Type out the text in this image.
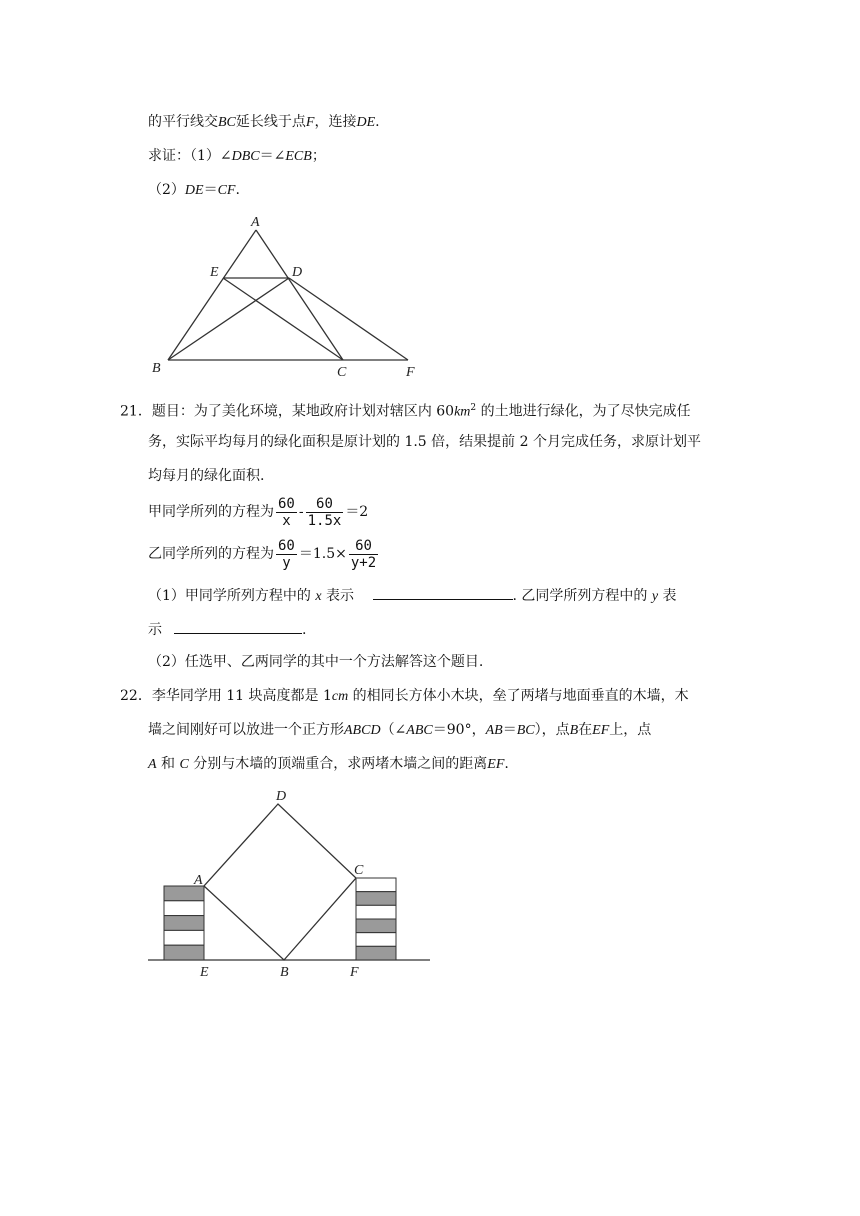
的平行线交BC延长线于点F，连接DE.
求证：（1）∠DBC＝∠ECB；
（2）DE＝CF.
A
E	D
B	C	F
21．题目：为了美化环境，某地政府计划对辖区内 $60km^2$ 的土地进行绿化，为了尽快完成任
务，实际平均每月的绿化面积是原计划的 1.5 倍，结果提前 2 个月完成任务，求原计划平
均每月的绿化面积.
甲同学所列的方程为 $\frac{60}{x} - \frac{60}{1.5x} =2$
乙同学所列的方程为 $\frac{60}{y} =1.5\times \frac{60}{y+2}$
（1）甲同学所列方程中的 x 表示	. 乙同学所列方程中的 y 表
示	.
（2）任选甲、乙两同学的其中一个方法解答这个题目.
22．李华同学用 11 块高度都是 1cm 的相同长方体小木块，垒了两堵与地面垂直的木墙，木
墙之间刚好可以放进一个正方形ABCD（∠ABC＝90°，AB＝BC），点B在EF上，点
A 和 C 分别与木墙的顶端重合，求两堵木墙之间的距离EF.
D
A
C
E	B	F
